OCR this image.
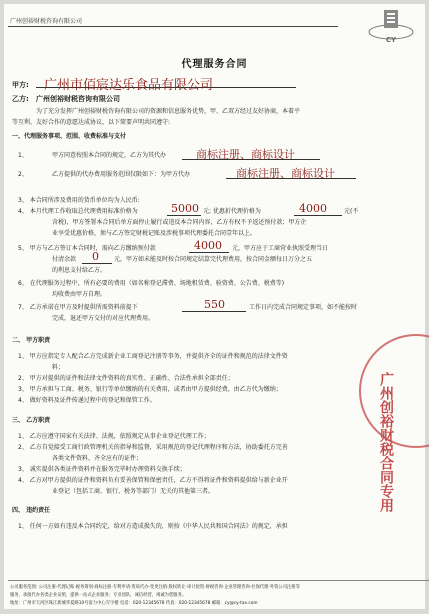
广州创裕财税咨询有限公司
CY
代理服务合同
甲方: 广州市佰宸达乐食品有限公司
乙方: 广州创裕财税咨询有限公司
为了充分发挥广州创裕财税咨询有限公司的资源和信息服务优势，甲、乙双方经过友好协商，本着平
等互利、友好合作的意愿达成协议，以下简要声明共同遵守:
一、代理服务事项、范围、收费标准与支付
1、	甲方同意按照本合同的规定，乙方为其代办	商标注册、商标设计
2、	乙方提供的代办费用服务范围仅限如下：为甲方代办	商标注册、商标设计
3、 本合同所涉及费用的货币单位均为人民币:
4、 本月代理工作收取总代理费用标准价格为	5000 元; 优惠折代理价格为	4000	元(不
含税)，甲方签署本合同后单方面停止履行或违反本合同内容，乙方有权不予返还预付款；甲方企
业享受优惠价格，须与乙方签定财税记账及涉税事项代理委托合同壹年以上。
5、 甲方与乙方签订本合同时，需向乙方缴纳预付款	4000 元，甲方应于工商营业执照受理当日
付清余款 0	元，甲方如未能及时按合同规定结算完代理费用，按合同金额每日万分之五
的利息支付给乙方。
6、 在代理服务过程中，所有必要的费用（如名称登记滞费、场地租赁费、验资费、公告费、税费等)
均收费由甲方自理。
7、 乙方承诺在甲方及时提供所需资料前提下	550	工作日内完成合同规定事项，如不能按时
完成，退还甲方交付的对应代理费用。
二、 甲方职责
1、 甲方应指定专人配合乙方完成新企业工商登记注册等事务，并提供齐全的证件和规范的法律文件资
料；
2、 甲方对提供的证件和法律文件资料的真实性、正确性、合法性承担全部责任；
3、 甲方承担与工商、税务、银行等单位缴纳的有关费用，或者由甲方提供经费，由乙方代为缴纳；
4、 做好资料及证件传递过程中的登记和保管工作。
三、 乙方职责
1、 乙方应遵守国家有关法律、法规，依照规定从事企业登记代理工作；
2、 乙方自觉接受工商行政管理机关的指导和监督，采用规范的登记代理程序和方法，协助委托方完善
各类文件资料，齐全应有的证件；
3、 诚实提供各类证件资料并在服务完毕时办理资料交换手续；
4、 乙方对甲方提供的证件和资料负有妥善保管和保密责任，乙方不得将证件和资料提供给与新企业开
业登记（包括工商、银行、税务等部门）无关的其他第三者。
四、 违约责任
1、 任何一方如有违反本合同约定，给对方造成损失的，则按《中华人民共和国合同法》的规定，承担
广州创裕财税合同专用
公司服务范围: 公司注册·代理记账·税务筹划·商标注册·专利申请·资质代办·变更注销·股权转让·审计验资·财税咨询·企业管理咨询·社保代理·外资公司注册等
服务，承接代办各类企业证照，提供一站式企业服务；专业团队，诚信经营，竭诚为您服务。
地址：广州市天河区珠江新城华夏路10号富力中心写字楼 电话：020-12345678 传真：020-12345678 邮箱：cy@cy-tax.com
